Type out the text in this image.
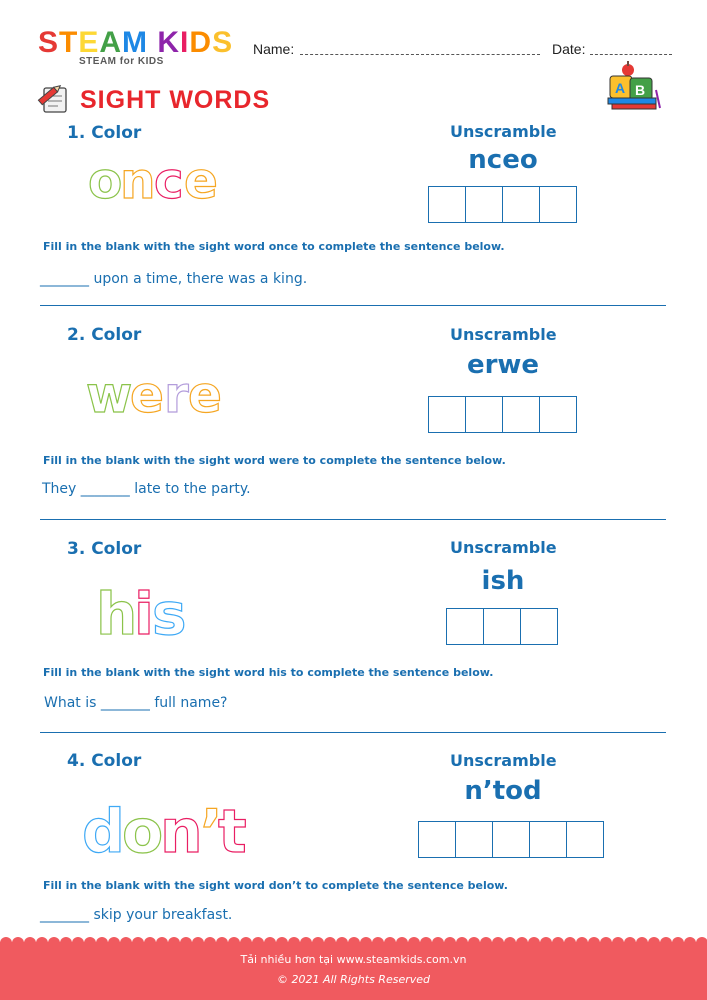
STEAM KIDS
STEAM for KIDS
Name:	Date:
SIGHT WORDS	A B
1. Color
o
n
c e
Unscramble
nceo
Fill in the blank with the sight word once to complete the sentence below.
_______ upon a time, there was a king.
2. Color
w
e r e
Unscramble
erwe
Fill in the blank with the sight word were to complete the sentence below.
They _______ late to the party.
3. Color
h
i
s
Unscramble
ish
Fill in the blank with the sight word his to complete the sentence below.
What is _______ full name?
4. Color
d
o
n
’
t
Unscramble
n’tod
Fill in the blank with the sight word don’t to complete the sentence below.
_______ skip your breakfast.
Tải nhiều hơn tại www.steamkids.com.vn
© 2021 All Rights Reserved
